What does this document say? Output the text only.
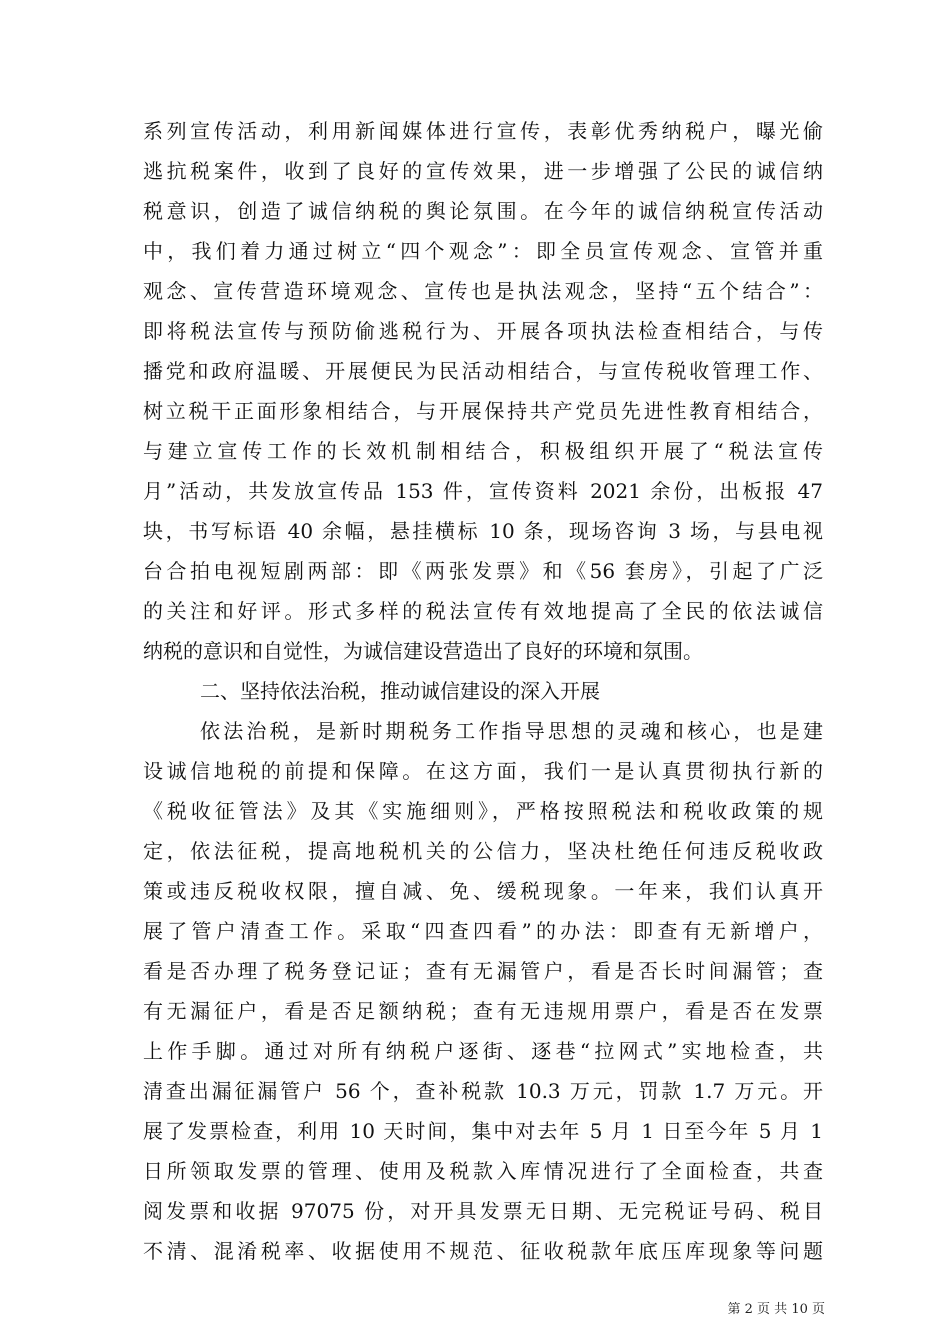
系列宣传活动，利用新闻媒体进行宣传，表彰优秀纳税户，曝光偷
逃抗税案件，收到了良好的宣传效果，进一步增强了公民的诚信纳
税意识，创造了诚信纳税的舆论氛围。在今年的诚信纳税宣传活动
中，我们着力通过树立“四个观念”：即全员宣传观念、宣管并重
观念、宣传营造环境观念、宣传也是执法观念，坚持“五个结合”：
即将税法宣传与预防偷逃税行为、开展各项执法检查相结合，与传
播党和政府温暖、开展便民为民活动相结合，与宣传税收管理工作、
树立税干正面形象相结合，与开展保持共产党员先进性教育相结合，
与建立宣传工作的长效机制相结合，积极组织开展了“税法宣传
月”活动，共发放宣传品 153 件，宣传资料 2021 余份，出板报 47
块，书写标语 40 余幅，悬挂横标 10 条，现场咨询 3 场，与县电视
台合拍电视短剧两部：即《两张发票》和《56 套房》，引起了广泛
的关注和好评。形式多样的税法宣传有效地提高了全民的依法诚信
纳税的意识和自觉性，为诚信建设营造出了良好的环境和氛围。
二、坚持依法治税，推动诚信建设的深入开展
依法治税，是新时期税务工作指导思想的灵魂和核心，也是建
设诚信地税的前提和保障。在这方面，我们一是认真贯彻执行新的
《税收征管法》及其《实施细则》，严格按照税法和税收政策的规
定，依法征税，提高地税机关的公信力，坚决杜绝任何违反税收政
策或违反税收权限，擅自减、免、缓税现象。一年来，我们认真开
展了管户清查工作。采取“四查四看”的办法：即查有无新增户，
看是否办理了税务登记证；查有无漏管户，看是否长时间漏管；查
有无漏征户，看是否足额纳税；查有无违规用票户，看是否在发票
上作手脚。通过对所有纳税户逐街、逐巷“拉网式”实地检查，共
清查出漏征漏管户 56 个，查补税款 10.3 万元，罚款 1.7 万元。开
展了发票检查，利用 10 天时间，集中对去年 5 月 1 日至今年 5 月 1
日所领取发票的管理、使用及税款入库情况进行了全面检查，共查
阅发票和收据 97075 份，对开具发票无日期、无完税证号码、税目
不清、混淆税率、收据使用不规范、征收税款年底压库现象等问题
第 2 页 共 10 页
